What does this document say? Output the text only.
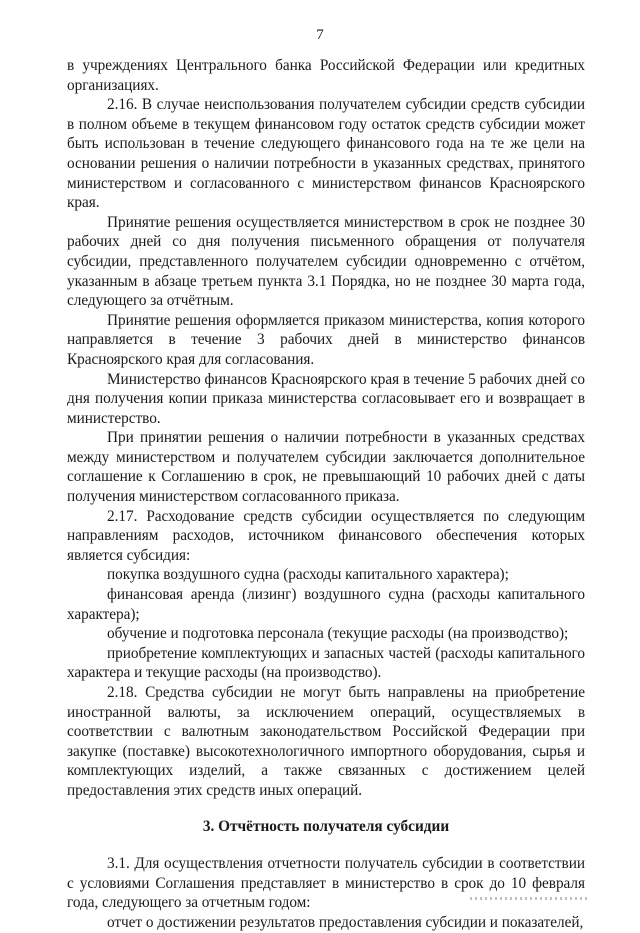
7

в учреждениях Центрального банка Российской Федерации или кредитных организациях.

2.16. В случае неиспользования получателем субсидии средств субсидии в полном объеме в текущем финансовом году остаток средств субсидии может быть использован в течение следующего финансового года на те же цели на основании решения о наличии потребности в указанных средствах, принятого министерством и согласованного с министерством финансов Красноярского края.

Принятие решения осуществляется министерством в срок не позднее 30 рабочих дней со дня получения письменного обращения от получателя субсидии, представленного получателем субсидии одновременно с отчётом, указанным в абзаце третьем пункта 3.1 Порядка, но не позднее 30 марта года, следующего за отчётным.

Принятие решения оформляется приказом министерства, копия которого направляется в течение 3 рабочих дней в министерство финансов Красноярского края для согласования.

Министерство финансов Красноярского края в течение 5 рабочих дней со дня получения копии приказа министерства согласовывает его и возвращает в министерство.

При принятии решения о наличии потребности в указанных средствах между министерством и получателем субсидии заключается дополнительное соглашение к Соглашению в срок, не превышающий 10 рабочих дней с даты получения министерством согласованного приказа.

2.17. Расходование средств субсидии осуществляется по следующим направлениям расходов, источником финансового обеспечения которых является субсидия:

покупка воздушного судна (расходы капитального характера);

финансовая аренда (лизинг) воздушного судна (расходы капитального характера);

обучение и подготовка персонала (текущие расходы (на производство);

приобретение комплектующих и запасных частей (расходы капитального характера и текущие расходы (на производство).

2.18. Средства субсидии не могут быть направлены на приобретение иностранной валюты, за исключением операций, осуществляемых в соответствии с валютным законодательством Российской Федерации при закупке (поставке) высокотехнологичного импортного оборудования, сырья и комплектующих изделий, а также связанных с достижением целей предоставления этих средств иных операций.

3. Отчётность получателя субсидии

3.1. Для осуществления отчетности получатель субсидии в соответствии с условиями Соглашения представляет в министерство в срок до 10 февраля года, следующего за отчетным годом:

отчет о достижении результатов предоставления субсидии и показателей,
